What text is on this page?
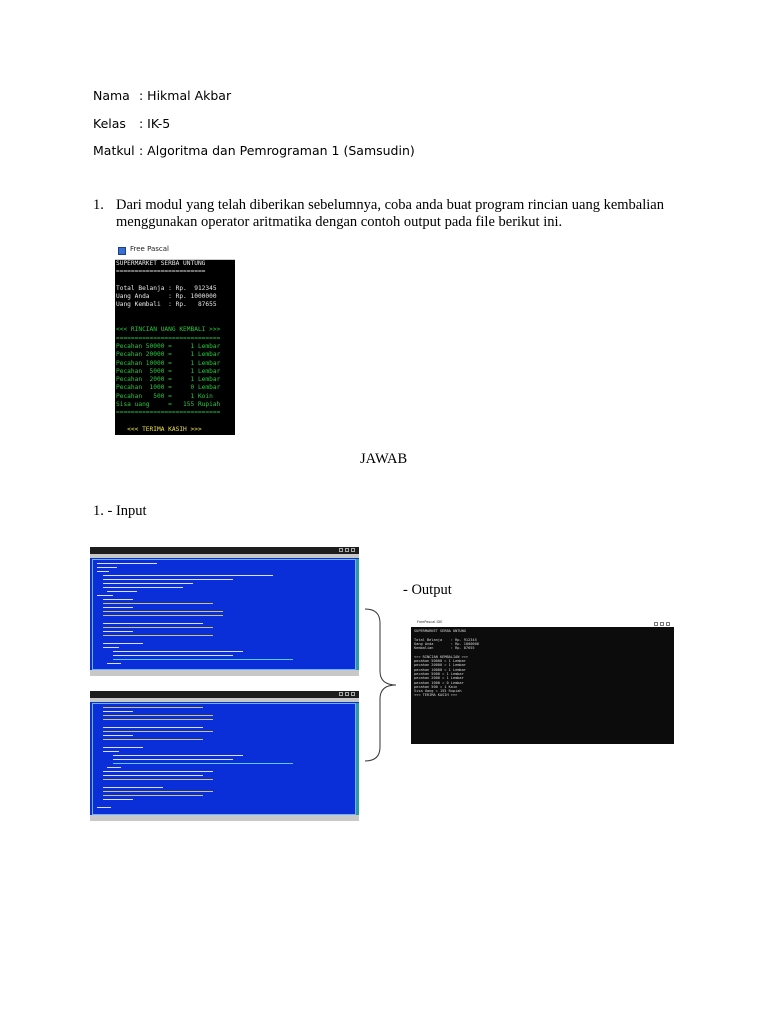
Nama : Hikmal Akbar
Kelas : IK-5
Matkul : Algoritma dan Pemrograman 1 (Samsudin)
1. Dari modul yang telah diberikan sebelumnya, coba anda buat program rincian uang kembalian
menggunakan operator aritmatika dengan contoh output pada file berikut ini.
Free Pascal
SUPERMARKET SERBA UNTUNG
========================
Total Belanja : Rp.  912345
Uang Anda     : Rp. 1000000
Uang Kembali  : Rp.   87655
<<< RINCIAN UANG KEMBALI >>>
============================
Pecahan 50000 =     1 Lembar
Pecahan 20000 =     1 Lembar
Pecahan 10000 =     1 Lembar
Pecahan  5000 =     1 Lembar
Pecahan  2000 =     1 Lembar
Pecahan  1000 =     0 Lembar
Pecahan   500 =     1 Koin
Sisa uang     =   155 Rupiah
============================
<<< TERIMA KASIH >>>
JAWAB
1. - Input
- Output
FreePascal IDE
SUPERMARKET SERBA UNTUNG
Total Belanja    : Rp. 912345
Uang Anda        : Rp. 1000000
Kembalian        : Rp. 87655
<<< RINCIAN KEMBALIAN >>>
pecahan 50000 = 1 Lembar
pecahan 20000 = 1 Lembar
pecahan 10000 = 1 Lembar
pecahan 5000 = 1 Lembar
pecahan 2000 = 1 Lembar
pecahan 1000 = 0 Lembar
pecahan 500 = 1 Koin
Sisa Uang = 155 Rupiah
<<< TERIMA KASIH >>>
